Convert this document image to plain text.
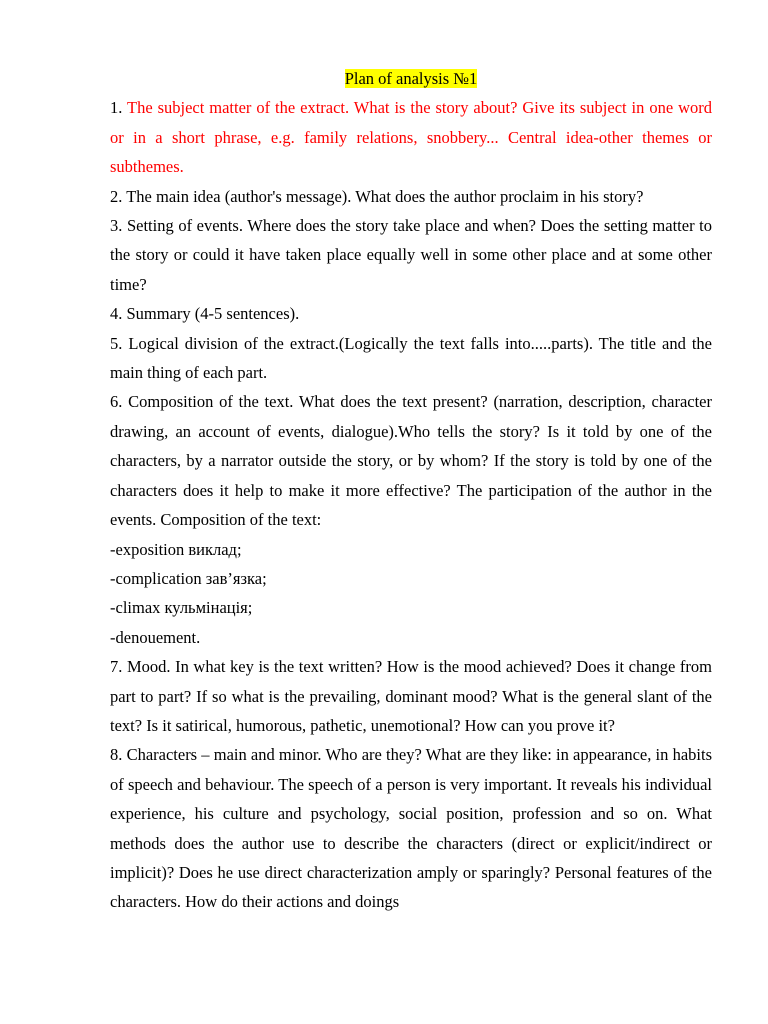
Plan of analysis №1

1. The subject matter of the extract. What is the story about? Give its subject in one word or in a short phrase, e.g. family relations, snobbery... Central idea-other themes or subthemes.

2. The main idea (author's message). What does the author proclaim in his story?

3. Setting of events. Where does the story take place and when? Does the setting matter to the story or could it have taken place equally well in some other place and at some other time?

4. Summary (4-5 sentences).

5. Logical division of the extract.(Logically the text falls into.....parts). The title and the main thing of each part.

6. Composition of the text. What does the text present? (narration, description, character drawing, an account of events, dialogue).Who tells the story? Is it told by one of the characters, by a narrator outside the story, or by whom? If the story is told by one of the characters does it help to make it more effective? The participation of the author in the events. Composition of the text:

-exposition виклад;

-complication зав’язка;

-climax кульмінація;

-denouement.

7. Mood. In what key is the text written? How is the mood achieved? Does it change from part to part? If so what is the prevailing, dominant mood? What is the general slant of the text? Is it satirical, humorous, pathetic, unemotional? How can you prove it?

8. Characters – main and minor. Who are they? What are they like: in appearance, in habits of speech and behaviour. The speech of a person is very important. It reveals his individual experience, his culture and psychology, social position, profession and so on. What methods does the author use to describe the characters (direct or explicit/indirect or implicit)? Does he use direct characterization amply or sparingly? Personal features of the characters. How do their actions and doings
